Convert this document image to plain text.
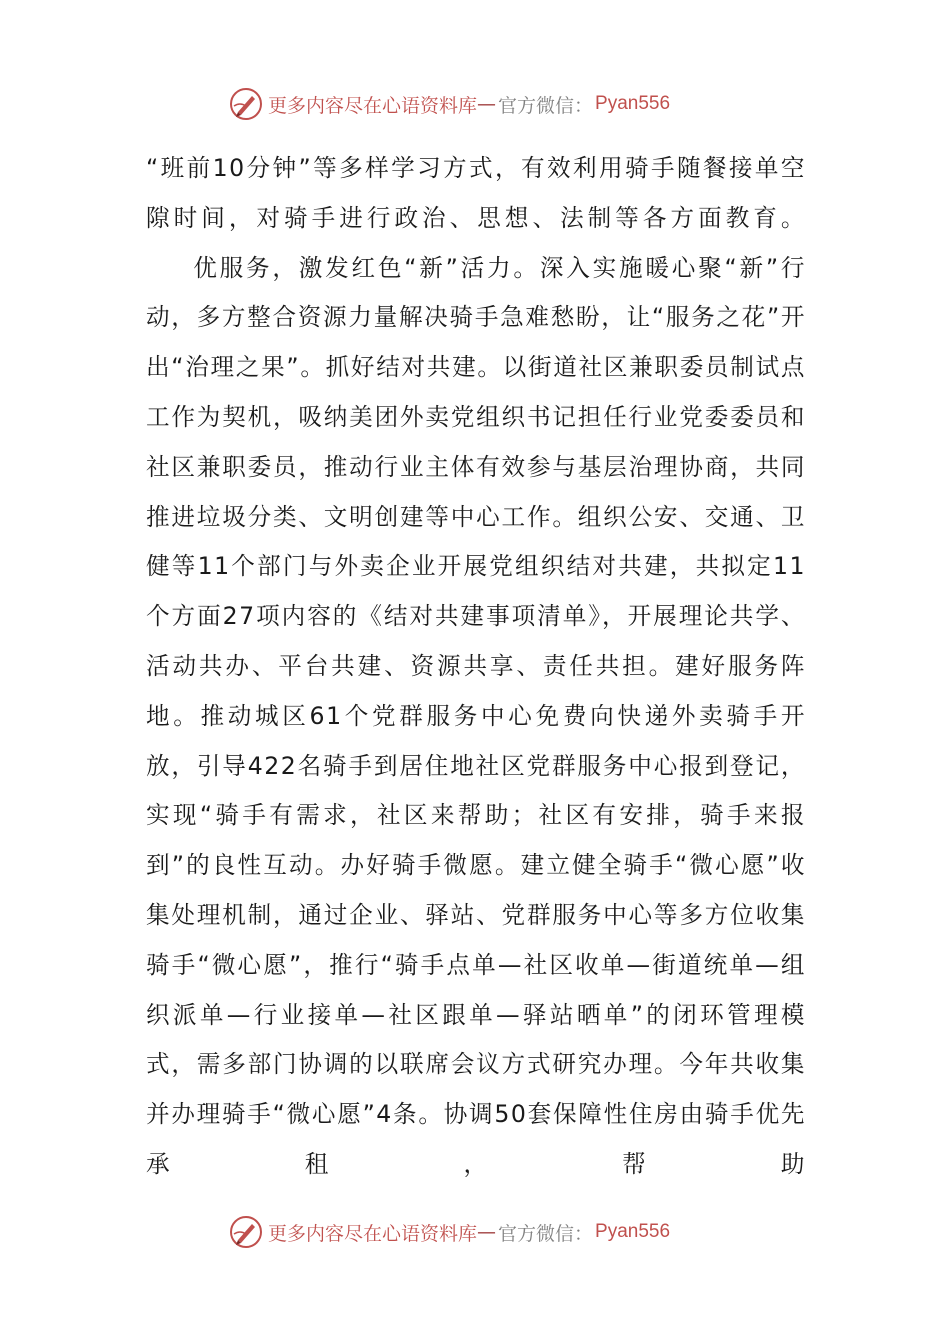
更多内容尽在心语资料库 — 官方微信： Pyan556

“班前10分钟”等多样学习方式，有效利用骑手随餐接单空隙时间，对骑手进行政治、思想、法制等各方面教育。

优服务，激发红色“新”活力。深入实施暖心聚“新”行动，多方整合资源力量解决骑手急难愁盼，让“服务之花”开出“治理之果”。抓好结对共建。以街道社区兼职委员制试点工作为契机，吸纳美团外卖党组织书记担任行业党委委员和社区兼职委员，推动行业主体有效参与基层治理协商，共同推进垃圾分类、文明创建等中心工作。组织公安、交通、卫健等11个部门与外卖企业开展党组织结对共建，共拟定11个方面27项内容的《结对共建事项清单》，开展理论共学、活动共办、平台共建、资源共享、责任共担。建好服务阵地。推动城区61个党群服务中心免费向快递外卖骑手开放，引导422名骑手到居住地社区党群服务中心报到登记，实现“骑手有需求，社区来帮助；社区有安排，骑手来报到”的良性互动。办好骑手微愿。建立健全骑手“微心愿”收集处理机制，通过企业、驿站、党群服务中心等多方位收集骑手“微心愿”，推行“骑手点单—社区收单—街道统单—组织派单—行业接单—社区跟单—驿站晒单”的闭环管理模式，需多部门协调的以联席会议方式研究办理。今年共收集并办理骑手“微心愿”4条。协调50套保障性住房由骑手优先承租，帮助

更多内容尽在心语资料库 — 官方微信： Pyan556
